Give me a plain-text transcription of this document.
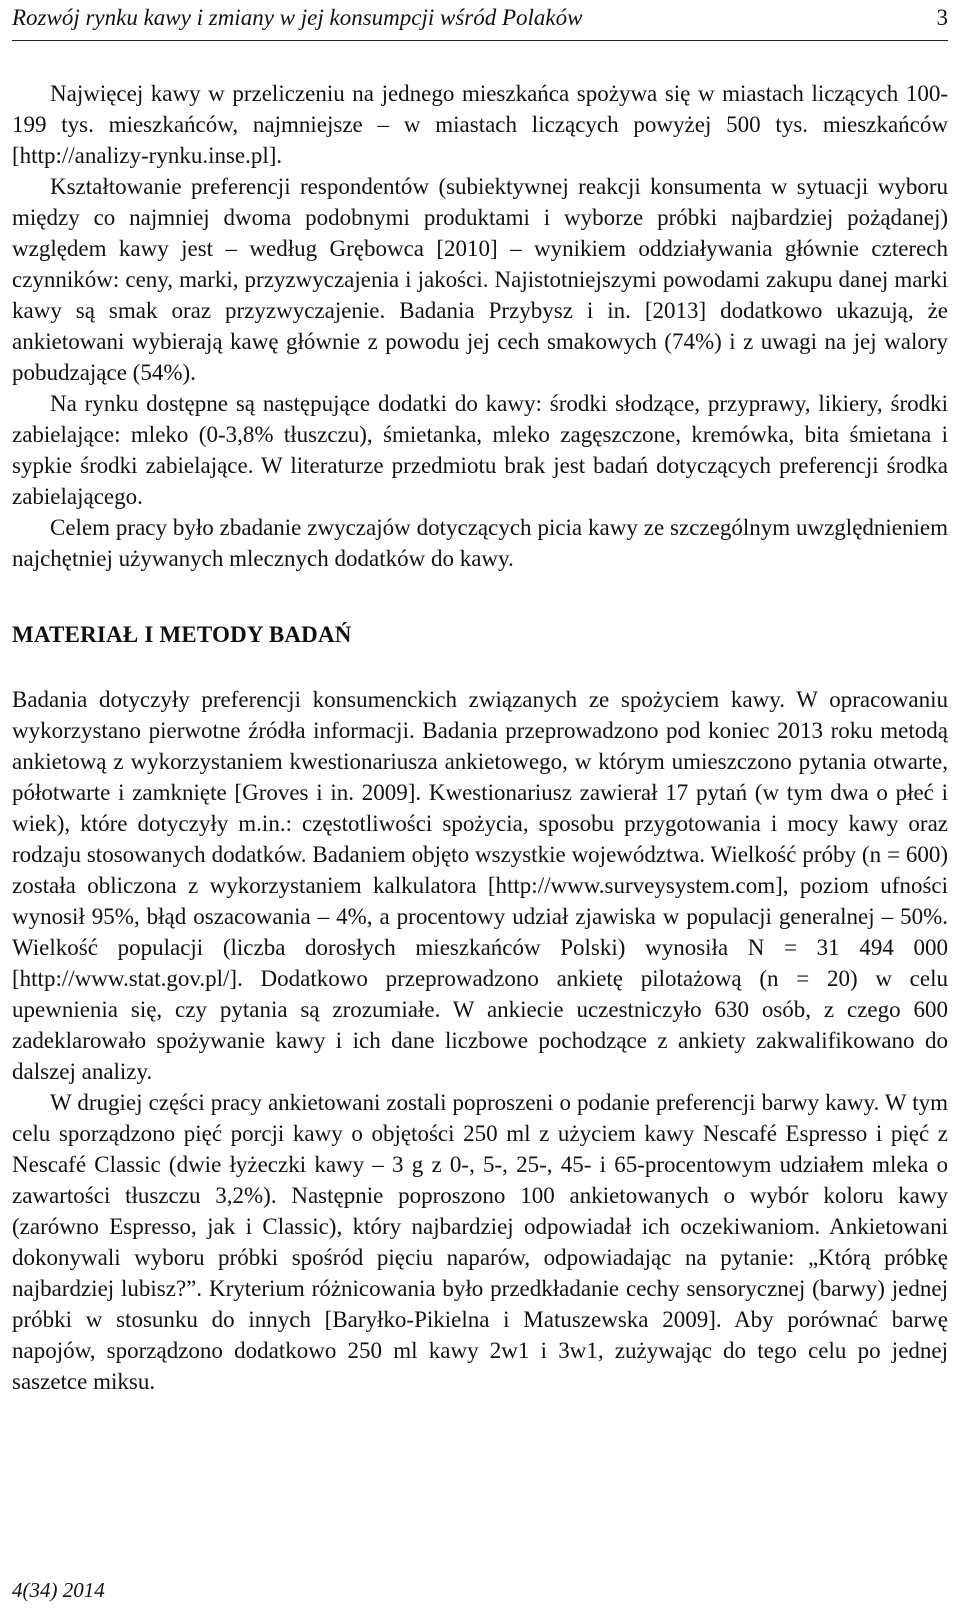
Rozwój rynku kawy i zmiany w jej konsumpcji wśród Polaków	3

Najwięcej kawy w przeliczeniu na jednego mieszkańca spożywa się w miastach liczących 100-199 tys. mieszkańców, najmniejsze – w miastach liczących powyżej 500 tys. mieszkańców [http://analizy-rynku.inse.pl].

Kształtowanie preferencji respondentów (subiektywnej reakcji konsumenta w sytuacji wyboru między co najmniej dwoma podobnymi produktami i wyborze próbki najbardziej pożądanej) względem kawy jest – według Grębowca [2010] – wynikiem oddziaływania głównie czterech czynników: ceny, marki, przyzwyczajenia i jakości. Najistotniejszymi powodami zakupu danej marki kawy są smak oraz przyzwyczajenie. Badania Przybysz i in. [2013] dodatkowo ukazują, że ankietowani wybierają kawę głównie z powodu jej cech smakowych (74%) i z uwagi na jej walory pobudzające (54%).

Na rynku dostępne są następujące dodatki do kawy: środki słodzące, przyprawy, likiery, środki zabielające: mleko (0-3,8% tłuszczu), śmietanka, mleko zagęszczone, kremówka, bita śmietana i sypkie środki zabielające. W literaturze przedmiotu brak jest badań dotyczących preferencji środka zabielającego.

Celem pracy było zbadanie zwyczajów dotyczących picia kawy ze szczególnym uwzględnieniem najchętniej używanych mlecznych dodatków do kawy.

MATERIAŁ I METODY BADAŃ

Badania dotyczyły preferencji konsumenckich związanych ze spożyciem kawy. W opracowaniu wykorzystano pierwotne źródła informacji. Badania przeprowadzono pod koniec 2013 roku metodą ankietową z wykorzystaniem kwestionariusza ankietowego, w którym umieszczono pytania otwarte, półotwarte i zamknięte [Groves i in. 2009]. Kwestionariusz zawierał 17 pytań (w tym dwa o płeć i wiek), które dotyczyły m.in.: częstotliwości spożycia, sposobu przygotowania i mocy kawy oraz rodzaju stosowanych dodatków. Badaniem objęto wszystkie województwa. Wielkość próby (n = 600) została obliczona z wykorzystaniem kalkulatora [http://www.surveysystem.com], poziom ufności wynosił 95%, błąd oszacowania – 4%, a procentowy udział zjawiska w populacji generalnej – 50%. Wielkość populacji (liczba dorosłych mieszkańców Polski) wynosiła N = 31 494 000 [http://www.stat.gov.pl/]. Dodatkowo przeprowadzono ankietę pilotażową (n = 20) w celu upewnienia się, czy pytania są zrozumiałe. W ankiecie uczestniczyło 630 osób, z czego 600 zadeklarowało spożywanie kawy i ich dane liczbowe pochodzące z ankiety zakwalifikowano do dalszej analizy.

W drugiej części pracy ankietowani zostali poproszeni o podanie preferencji barwy kawy. W tym celu sporządzono pięć porcji kawy o objętości 250 ml z użyciem kawy Nescafé Espresso i pięć z Nescafé Classic (dwie łyżeczki kawy – 3 g z 0-, 5-, 25-, 45- i 65-procentowym udziałem mleka o zawartości tłuszczu 3,2%). Następnie poproszono 100 ankietowanych o wybór koloru kawy (zarówno Espresso, jak i Classic), który najbardziej odpowiadał ich oczekiwaniom. Ankietowani dokonywali wyboru próbki spośród pięciu naparów, odpowiadając na pytanie: „Którą próbkę najbardziej lubisz?”. Kryterium różnicowania było przedkładanie cechy sensorycznej (barwy) jednej próbki w stosunku do innych [Baryłko-Pikielna i Matuszewska 2009]. Aby porównać barwę napojów, sporządzono dodatkowo 250 ml kawy 2w1 i 3w1, zużywając do tego celu po jednej saszetce miksu.

4(34) 2014
